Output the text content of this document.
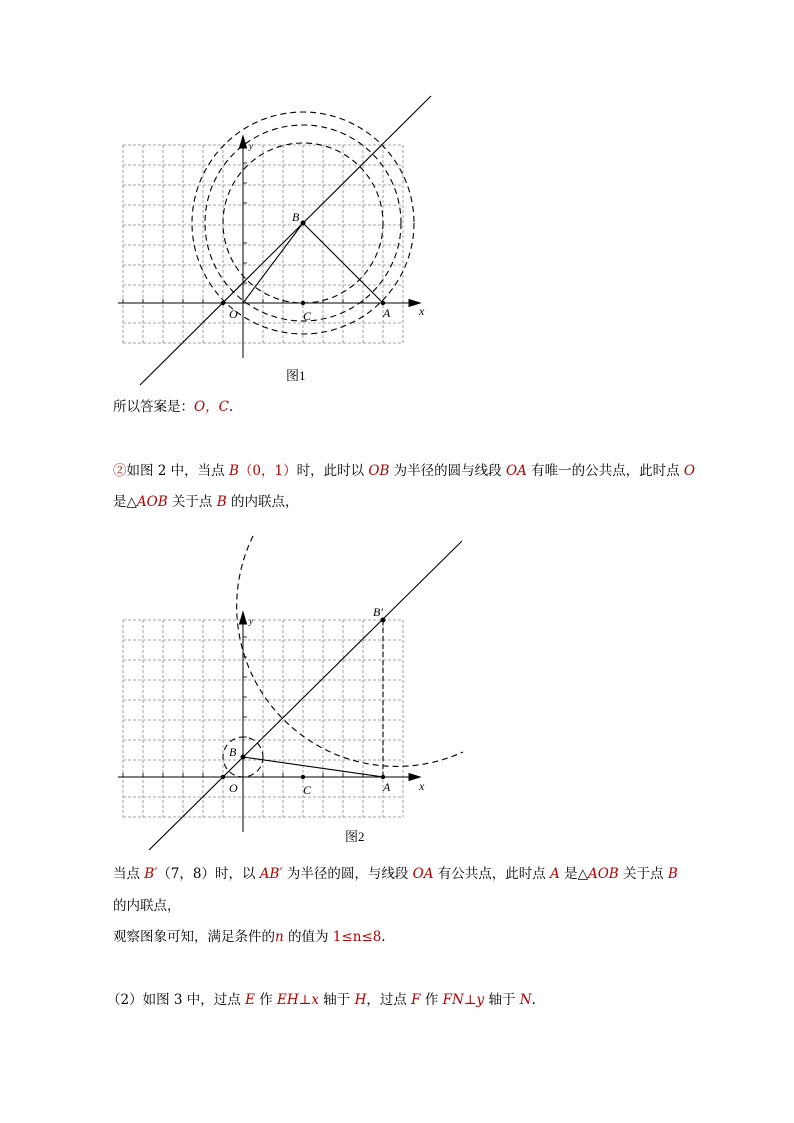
B
O	C	A x
y
图1
所以答案是：O，C.
②如图 2 中，当点 B（0，1）时，此时以 OB 为半径的圆与线段 OA 有唯一的公共点，此时点 O
是△AOB 关于点 B 的内联点，
B′
B
O	C	A x
y
图2
当点 B′（7，8）时，以 AB′ 为半径的圆，与线段 OA 有公共点，此时点 A 是△AOB 关于点 B
的内联点，
观察图象可知，满足条件的n 的值为 1≤n≤8.
（2）如图 3 中，过点 E 作 EH⊥x 轴于 H，过点 F 作 FN⊥y 轴于 N.
